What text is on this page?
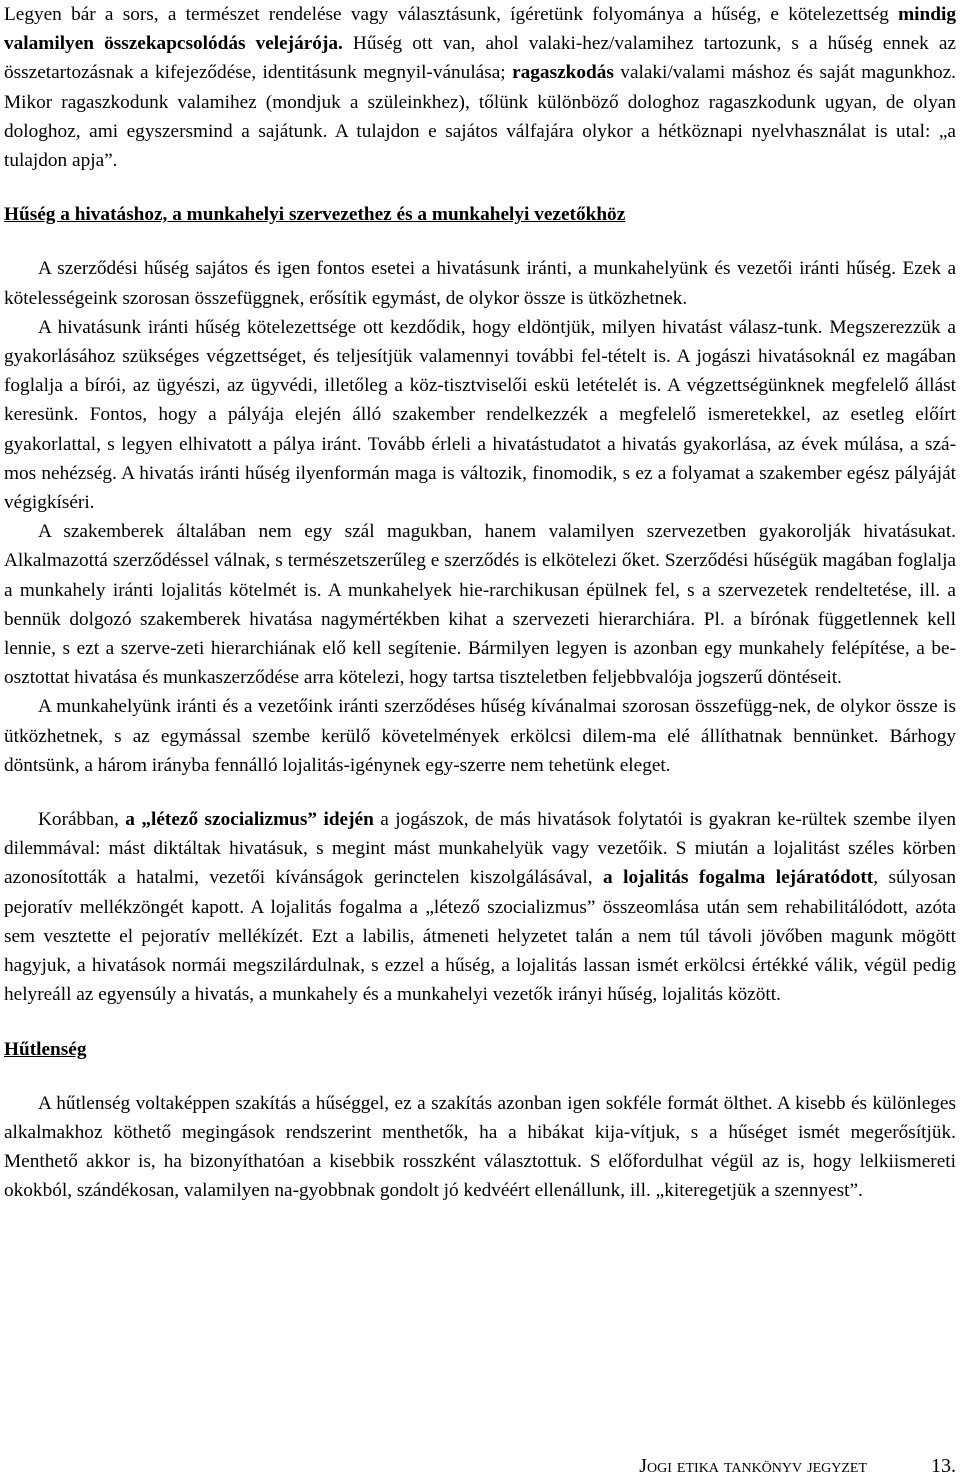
Legyen bár a sors, a természet rendelése vagy választásunk, ígéretünk folyománya a hűség, e kötelezettség mindig valamilyen összekapcsolódás velejárója. Hűség ott van, ahol valaki-hez/valamihez tartozunk, s a hűség ennek az összetartozásnak a kifejeződése, identitásunk megnyil-vánulása; ragaszkodás valaki/valami máshoz és saját magunkhoz. Mikor ragaszkodunk valamihez (mondjuk a szüleinkhez), tőlünk különböző dologhoz ragaszkodunk ugyan, de olyan dologhoz, ami egyszersmind a sajátunk. A tulajdon e sajátos válfajára olykor a hétköznapi nyelvhasználat is utal: „a tulajdon apja”.

Hűség a hivatáshoz, a munkahelyi szervezethez és a munkahelyi vezetőkhöz

A szerződési hűség sajátos és igen fontos esetei a hivatásunk iránti, a munkahelyünk és vezetői iránti hűség. Ezek a kötelességeink szorosan összefüggnek, erősítik egymást, de olykor össze is ütközhetnek.

A hivatásunk iránti hűség kötelezettsége ott kezdődik, hogy eldöntjük, milyen hivatást válasz-tunk. Megszerezzük a gyakorlásához szükséges végzettséget, és teljesítjük valamennyi további fel-tételt is. A jogászi hivatásoknál ez magában foglalja a bírói, az ügyészi, az ügyvédi, illetőleg a köz-tisztviselői eskü letételét is. A végzettségünknek megfelelő állást keresünk. Fontos, hogy a pályája elején álló szakember rendelkezzék a megfelelő ismeretekkel, az esetleg előírt gyakorlattal, s legyen elhivatott a pálya iránt. Tovább érleli a hivatástudatot a hivatás gyakorlása, az évek múlása, a szá-mos nehézség. A hivatás iránti hűség ilyenformán maga is változik, finomodik, s ez a folyamat a szakember egész pályáját végigkíséri.

A szakemberek általában nem egy szál magukban, hanem valamilyen szervezetben gyakorolják hivatásukat. Alkalmazottá szerződéssel válnak, s természetszerűleg e szerződés is elkötelezi őket. Szerződési hűségük magában foglalja a munkahely iránti lojalitás kötelmét is. A munkahelyek hie-rarchikusan épülnek fel, s a szervezetek rendeltetése, ill. a bennük dolgozó szakemberek hivatása nagymértékben kihat a szervezeti hierarchiára. Pl. a bírónak függetlennek kell lennie, s ezt a szerve-zeti hierarchiának elő kell segítenie. Bármilyen legyen is azonban egy munkahely felépítése, a be-osztottat hivatása és munkaszerződése arra kötelezi, hogy tartsa tiszteletben feljebbvalója jogszerű döntéseit.

A munkahelyünk iránti és a vezetőink iránti szerződéses hűség kívánalmai szorosan összefügg-nek, de olykor össze is ütközhetnek, s az egymással szembe kerülő követelmények erkölcsi dilem-ma elé állíthatnak bennünket. Bárhogy döntsünk, a három irányba fennálló lojalitás-igénynek egy-szerre nem tehetünk eleget.

Korábban, a „létező szocializmus” idején a jogászok, de más hivatások folytatói is gyakran ke-rültek szembe ilyen dilemmával: mást diktáltak hivatásuk, s megint mást munkahelyük vagy vezetőik. S miután a lojalitást széles körben azonosították a hatalmi, vezetői kívánságok gerinctelen kiszolgálásával, a lojalitás fogalma lejáratódott, súlyosan pejoratív mellékzöngét kapott. A lojalitás fogalma a „létező szocializmus” összeomlása után sem rehabilitálódott, azóta sem vesztette el pejoratív mellékízét. Ezt a labilis, átmeneti helyzetet talán a nem túl távoli jövőben magunk mögött hagyjuk, a hivatások normái megszilárdulnak, s ezzel a hűség, a lojalitás lassan ismét erkölcsi értékké válik, végül pedig helyreáll az egyensúly a hivatás, a munkahely és a munkahelyi vezetők irányi hűség, lojalitás között.

Hűtlenség

A hűtlenség voltaképpen szakítás a hűséggel, ez a szakítás azonban igen sokféle formát ölthet. A kisebb és különleges alkalmakhoz köthető megingások rendszerint menthetők, ha a hibákat kija-vítjuk, s a hűséget ismét megerősítjük. Menthető akkor is, ha bizonyíthatóan a kisebbik rosszként választottuk. S előfordulhat végül az is, hogy lelkiismereti okokból, szándékosan, valamilyen na-gyobbnak gondolt jó kedvéért ellenállunk, ill. „kiteregetjük a szennyest”.

Jogi etika tankönyv jegyzet	13.
